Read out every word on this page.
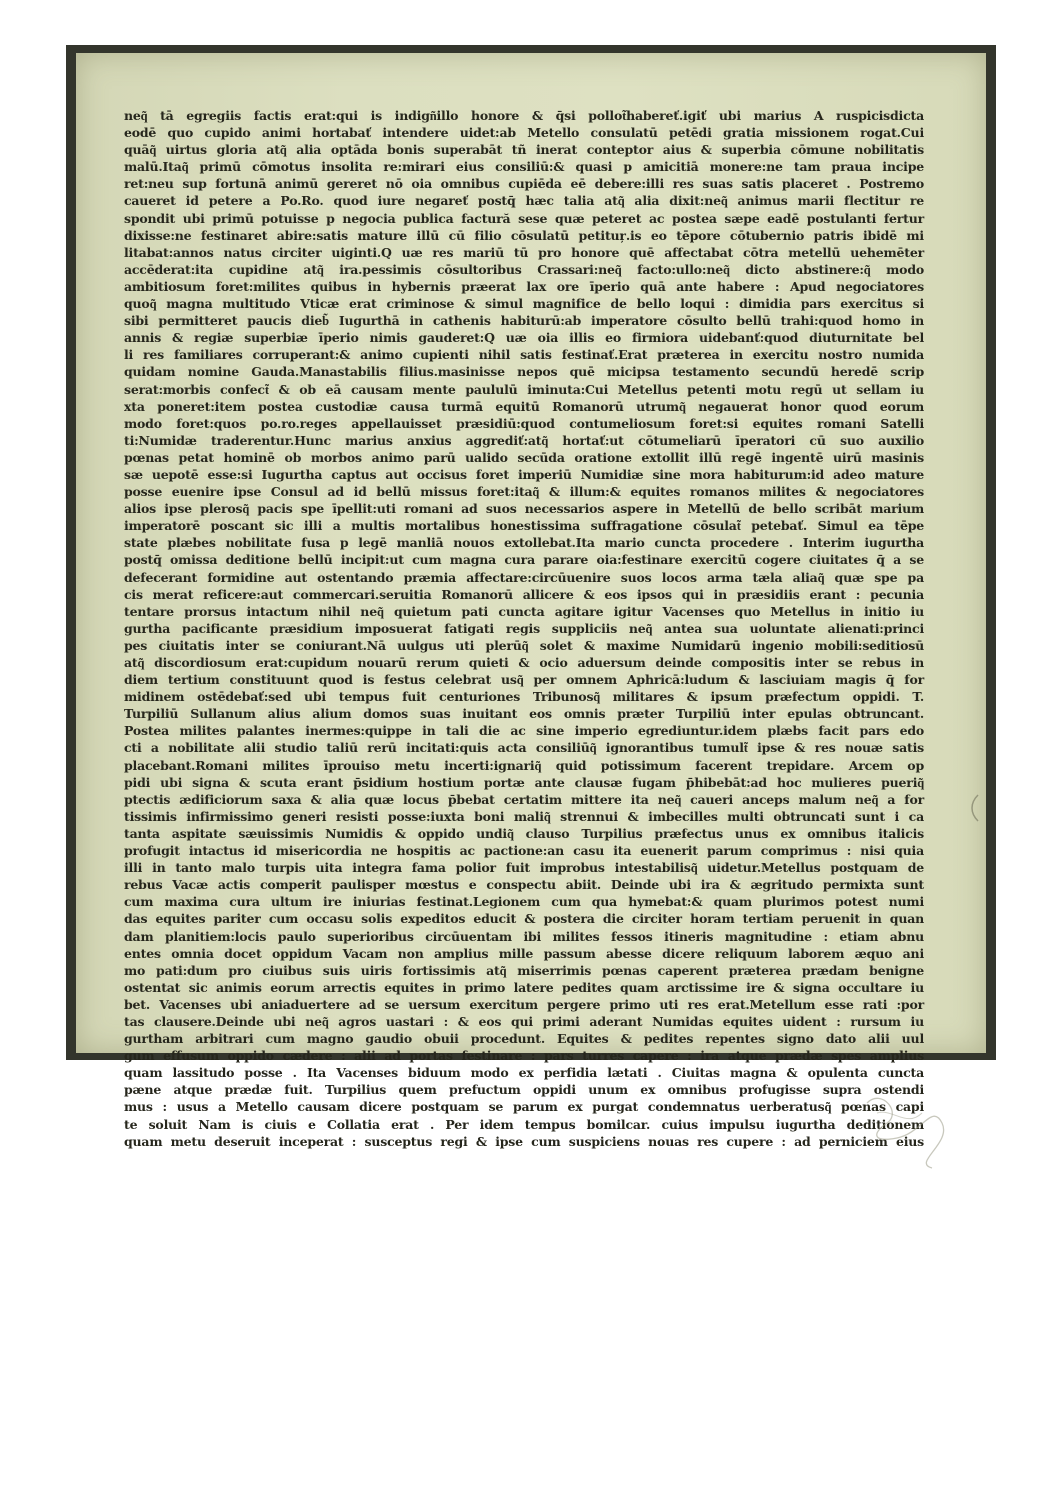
neq͂ tā egregiis factis erat:qui is indign͂illo honore & q̄si pollot͂habereť.igiť ubi marius A ruspicisdicta
eodē quo cupido animi hortabať intendere uidet:ab Metello consulatū petēdi gratia missionem rogat.Cui
quāq͂ uirtus gloria atq͂ alia optāda bonis superabāt tñ inerat conteptor aius & superbia cōmune nobilitatis
malū.Itaq͂ primū cōmotus insolita re:mirari eius consiliū:& quasi p amicitiā monere:ne tam praua incipe
ret:neu sup fortunā animū gereret nō oia omnibus cupiēda eē debere:illi res suas satis placeret . Postremo
caueret id petere a Po.Ro. quod iure negareť postq̄ hæc talia atq͂ alia dixit:neq͂ animus marii flectitur re
spondit ubi primū potuisse p negocia publica factură sese quæ peteret ac postea sæpe eadē postulanti fertur
dixisse:ne festinaret abire:satis mature illū cū filio cōsulatū petituŗ.is eo tēpore cōtubernio patris ibidē mi
litabat:annos natus circiter uiginti.Q uæ res mariū tū pro honore quē affectabat cōtra metellū uehemēter
accēderat:ita cupidine atq͂ ira.pessimis cōsultoribus Crassari:neq͂ facto:ullo:neq͂ dicto abstinere:q͂ modo
ambitiosum foret:milites quibus in hybernis præerat lax ore īperio quā ante habere : Apud negociatores
quoq͂ magna multitudo Vticæ erat criminose & simul magnifice de bello loqui : dimidia pars exercitus si
sibi permitteret paucis dieb͂ Iugurthā in cathenis habiturū:ab imperatore cōsulto bellū trahi:quod homo in
annis & regiæ superbiæ īperio nimis gauderet:Q uæ oia illis eo firmiora uidebanť:quod diuturnitate bel
li res familiares corruperant:& animo cupienti nihil satis festinať.Erat præterea in exercitu nostro numida
quidam nomine Gauda.Manastabilis filius.masinisse nepos quē micipsa testamento secundū heredē scrip
serat:morbis confect͂ & ob eā causam mente paululū iminuta:Cui Metellus petenti motu regū ut sellam iu
xta poneret:item postea custodiæ causa turmā equitū Romanorū utrumq͂ negauerat honor quod eorum
modo foret:quos po.ro.reges appellauisset præsidiū:quod contumeliosum foret:si equites romani Satelli
ti:Numidæ traderentur.Hunc marius anxius aggrediť:atq͂ hortať:ut cōtumeliarū īperatori cū suo auxilio
pœnas petat hominē ob morbos animo parū ualido secūda oratione extollit illū regē ingentē uirū masinis
sæ uepotē esse:si Iugurtha captus aut occisus foret imperiū Numidiæ sine mora habiturum:id adeo mature
posse euenire ipse Consul ad id bellū missus foret:itaq͂ & illum:& equites romanos milites & negociatores
alios ipse plerosq͂ pacis spe īpellit:uti romani ad suos necessarios aspere in Metellū de bello scribāt marium
imperatorē poscant sic illi a multis mortalibus honestissima suffragatione cōsulat͂ petebať. Simul ea tēpe
state plæbes nobilitate fusa p legē manliā nouos extollebat.Ita mario cuncta procedere . Interim iugurtha
postq̄ omissa deditione bellū incipit:ut cum magna cura parare oia:festinare exercitū cogere ciuitates q̄ a se
defecerant formidine aut ostentando præmia affectare:circūuenire suos locos arma tæla aliaq͂ quæ spe pa
cis merat reficere:aut commercari.seruitia Romanorū allicere & eos ipsos qui in præsidiis erant : pecunia
tentare prorsus intactum nihil neq͂ quietum pati cuncta agitare igitur Vacenses quo Metellus in initio iu
gurtha pacificante præsidium imposuerat fatigati regis suppliciis neq͂ antea sua uoluntate alienati:princi
pes ciuitatis inter se coniurant.Nā uulgus uti plerūq͂ solet & maxime Numidarū ingenio mobili:seditiosū
atq͂ discordiosum erat:cupidum nouarū rerum quieti & ocio aduersum deinde compositis inter se rebus in
diem tertium constituunt quod is festus celebrat usq͂ per omnem Aphricā:ludum & lasciuiam magis q̄ for
midinem ostēdebať:sed ubi tempus fuit centuriones Tribunosq͂ militares & ipsum præfectum oppidi. T.
Turpiliū Sullanum alius alium domos suas inuitant eos omnis præter Turpiliū inter epulas obtruncant.
Postea milites palantes inermes:quippe in tali die ac sine imperio egrediuntur.idem plæbs facit pars edo
cti a nobilitate alii studio taliū rerū incitati:quis acta consiliūq͂ ignorantibus tumult͂ ipse & res nouæ satis
placebant.Romani milites īprouiso metu incerti:ignariq͂ quid potissimum facerent trepidare. Arcem op
pidi ubi signa & scuta erant p̄sidium hostium portæ ante clausæ fugam p̄hibebāt:ad hoc mulieres pueriq͂
ptectis ædificiorum saxa & alia quæ locus p̄bebat certatim mittere ita neq͂ caueri anceps malum neq͂ a for
tissimis infirmissimo generi resisti posse:iuxta boni maliq͂ strennui & imbecilles multi obtruncati sunt i ca
tanta aspitate sæuissimis Numidis & oppido undiq͂ clauso Turpilius præfectus unus ex omnibus italicis
profugit intactus id misericordia ne hospitis ac pactione:an casu ita euenerit parum comprimus : nisi quia
illi in tanto malo turpis uita integra fama polior fuit improbus intestabilisq͂ uidetur.Metellus postquam de
rebus Vacæ actis comperit paulisper mœstus e conspectu abiit. Deinde ubi ira & ægritudo permixta sunt
cum maxima cura ultum ire iniurias festinat.Legionem cum qua hymebat:& quam plurimos potest numi
das equites pariter cum occasu solis expeditos educit & postera die circiter horam tertiam peruenit in quan
dam planitiem:locis paulo superioribus circūuentam ibi milites fessos itineris magnitudine : etiam abnu
entes omnia docet oppidum Vacam non amplius mille passum abesse dicere reliquum laborem æquo ani
mo pati:dum pro ciuibus suis uiris fortissimis atq͂ miserrimis pœnas caperent præterea prædam benigne
ostentat sic animis eorum arrectis equites in primo latere pedites quam arctissime ire & signa occultare iu
bet. Vacenses ubi aniaduertere ad se uersum exercitum pergere primo uti res erat.Metellum esse rati :por
tas clausere.Deinde ubi neq͂ agros uastari : & eos qui primi aderant Numidas equites uident : rursum iu
gurtham arbitrari cum magno gaudio obuii procedunt. Equites & pedites repentes signo dato alii uul
gum effusum oppido cædere : alii ad portas festinare : pars turres capere : ira atque prædæ spes amplius
quam lassitudo posse . Ita Vacenses biduum modo ex perfidia lætati . Ciuitas magna & opulenta cuncta
pæne atque prædæ fuit. Turpilius quem prefuctum oppidi unum ex omnibus profugisse supra ostendi
mus : usus a Metello causam dicere postquam se parum ex purgat condemnatus uerberatusq͂ pœnas capi
te soluit Nam is ciuis e Collatia erat . Per idem tempus bomilcar. cuius impulsu iugurtha deditionem
quam metu deseruit inceperat : susceptus regi & ipse cum suspiciens nouas res cupere : ad perniciem eius
